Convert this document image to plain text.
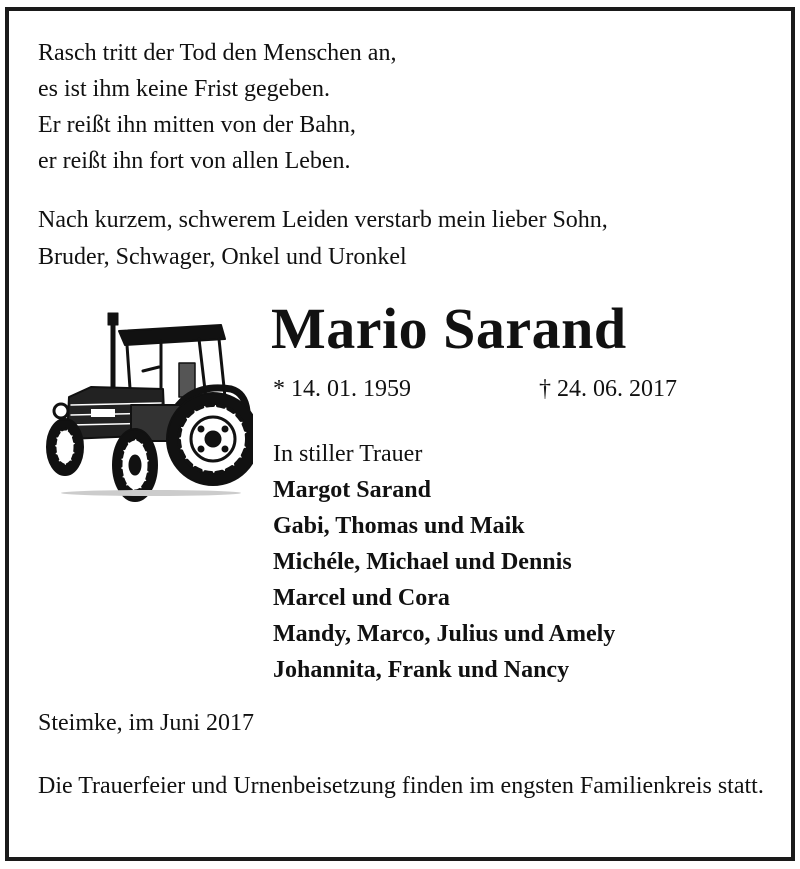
Rasch tritt der Tod den Menschen an,
es ist ihm keine Frist gegeben.
Er reißt ihn mitten von der Bahn,
er reißt ihn fort von allen Leben.
Nach kurzem, schwerem Leiden verstarb mein lieber Sohn,
Bruder, Schwager, Onkel und Uronkel
Mario Sarand
* 14. 01. 1959	† 24. 06. 2017
In stiller Trauer
Margot Sarand
Gabi, Thomas und Maik
Michéle, Michael und Dennis
Marcel und Cora
Mandy, Marco, Julius und Amely
Johannita, Frank und Nancy
Steimke, im Juni 2017
Die Trauerfeier und Urnenbeisetzung finden im engsten Familienkreis statt.
